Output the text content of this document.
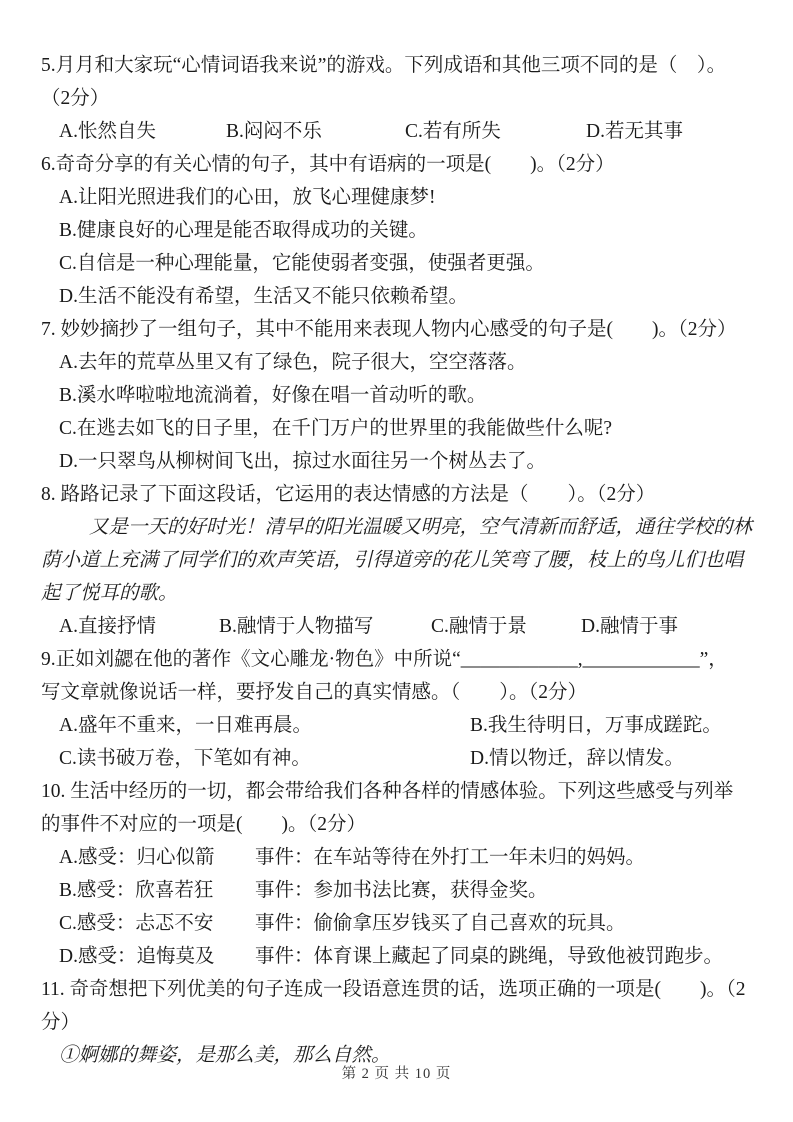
5.月月和大家玩“心情词语我来说”的游戏。下列成语和其他三项不同的是（　）。
（2分）
A.怅然自失	B.闷闷不乐	C.若有所失	D.若无其事
6.奇奇分享的有关心情的句子，其中有语病的一项是(　　)。（2分）
A.让阳光照进我们的心田，放飞心理健康梦!
B.健康良好的心理是能否取得成功的关键。
C.自信是一种心理能量，它能使弱者变强，使强者更强。
D.生活不能没有希望，生活又不能只依赖希望。
7. 妙妙摘抄了一组句子，其中不能用来表现人物内心感受的句子是(　　)。（2分）
A.去年的荒草丛里又有了绿色，院子很大，空空落落。
B.溪水哗啦啦地流淌着，好像在唱一首动听的歌。
C.在逃去如飞的日子里，在千门万户的世界里的我能做些什么呢?
D.一只翠鸟从柳树间飞出，掠过水面往另一个树丛去了。
8. 路路记录了下面这段话，它运用的表达情感的方法是（　　）。（2分）
又是一天的好时光！清早的阳光温暖又明亮，空气清新而舒适，通往学校的林
荫小道上充满了同学们的欢声笑语，引得道旁的花儿笑弯了腰，枝上的鸟儿们也唱
起了悦耳的歌。
A.直接抒情	B.融情于人物描写	C.融情于景	D.融情于事
9.正如刘勰在他的著作《文心雕龙·物色》中所说“____________,____________”，
写文章就像说话一样，要抒发自己的真实情感。（　　）。（2分）
A.盛年不重来，一日难再晨。	B.我生待明日，万事成蹉跎。
C.读书破万卷，下笔如有神。	D.情以物迁，辞以情发。
10. 生活中经历的一切，都会带给我们各种各样的情感体验。下列这些感受与列举
的事件不对应的一项是(　　)。（2分）
A.感受：归心似箭	事件：在车站等待在外打工一年未归的妈妈。
B.感受：欣喜若狂	事件：参加书法比赛，获得金奖。
C.感受：忐忑不安	事件：偷偷拿压岁钱买了自己喜欢的玩具。
D.感受：追悔莫及	事件：体育课上藏起了同桌的跳绳，导致他被罚跑步。
11. 奇奇想把下列优美的句子连成一段语意连贯的话，选项正确的一项是(　　)。（2
分）
①婀娜的舞姿，是那么美，那么自然。
第 2 页 共 10 页
